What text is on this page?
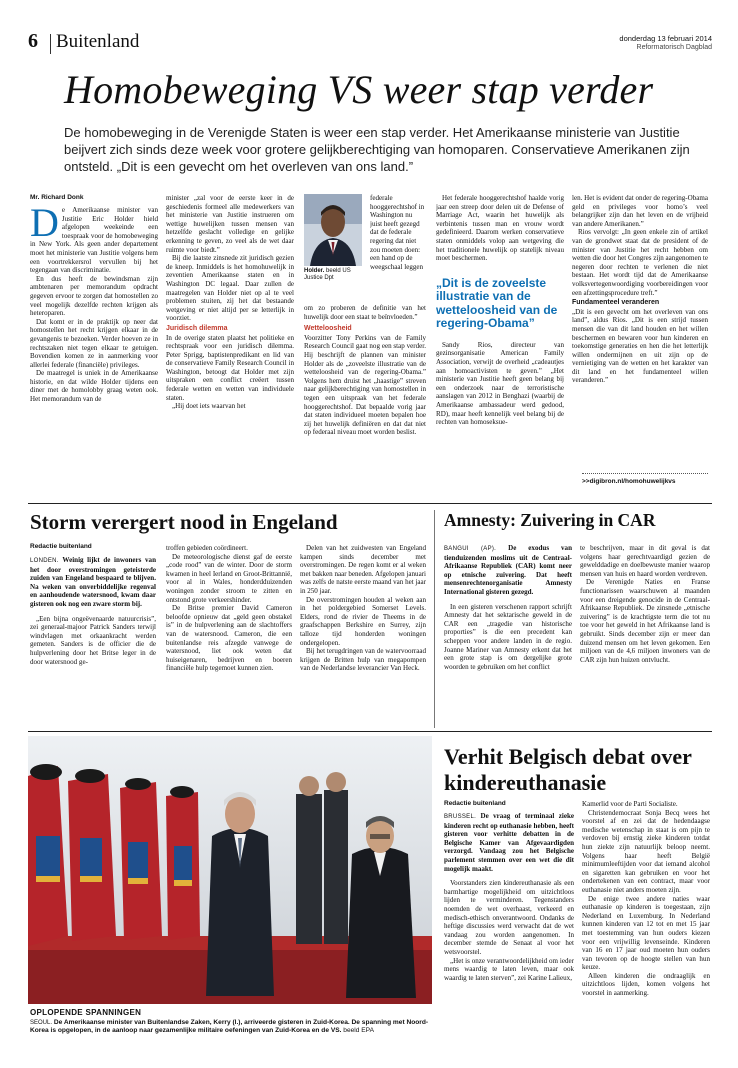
6 Buitenland	donderdag 13 februari 2014
Reformatorisch Dagblad
Homobeweging VS weer stap verder
De homobeweging in de Verenigde Staten is weer een stap verder. Het Amerikaanse ministerie van Justitie beijvert zich sinds deze week voor grotere gelijkberechtiging van homoparen. Conservatieve Amerikanen zijn ontsteld. „Dit is een gevecht om het overleven van ons land.”
Mr. Richard Donk
D e Amerikaanse minister van Justitie Eric Holder hield afgelopen weekeinde een toespraak voor de homobeweging in New York. Als geen ander departement moet het ministerie van Justitie volgens hem een voortrekkersrol vervullen bij het tegengaan van discriminatie.

En dus heeft de bewindsman zijn ambtenaren per memorandum opdracht gegeven ervoor te zorgen dat homostellen zo veel mogelijk dezelfde rechten krijgen als heteroparen.

Dat komt er in de praktijk op neer dat homostellen het recht krijgen elkaar in de gevangenis te bezoeken. Verder hoeven ze in rechtszaken niet tegen elkaar te getuigen. Bovendien komen ze in aanmerking voor allerlei federale (financiële) privileges.

De maatregel is uniek in de Amerikaanse historie, en dat wilde Holder tijdens een diner met de homolobby graag weten ook. Het memorandum van de

minister „zal voor de eerste keer in de geschiedenis formeel alle medewerkers van het ministerie van Justitie instrueren om wettige huwelijken tussen mensen van hetzelfde geslacht volledige en gelijke erkenning te geven, zo veel als de wet daar ruimte voor biedt.”

Bij die laatste zinsnede zit juridisch gezien de kneep. Inmiddels is het homohuwelijk in zeventien Amerikaanse staten en in Washington DC legaal. Daar zullen de maatregelen van Holder niet op al te veel problemen stuiten, zij het dat bestaande wetgeving er niet altijd per se letterlijk in voorziet.

Juridisch dilemma

In de overige staten plaatst het politieke en rechtspraak voor een juridisch dilemma. Peter Sprigg, baptistenpredikant en lid van de conservatieve Family Research Council in Washington, betoogt dat Holder met zijn uitspraken een conflict creëert tussen federale wetten en wetten van individuele staten.

„Hij doet iets waarvan het

Holder. beeld US Justice Dpt

federale hooggerechtshof in Washington nu juist heeft gezegd dat de federale regering dat niet zou moeten doen: een hand op de weegschaal leggen

om zo proberen de definitie van het huwelijk door een staat te beïnvloeden.”

Wetteloosheid

Voorzitter Tony Perkins van de Family Research Council gaat nog een stap verder. Hij beschrijft de plannen van minister Holder als de „zoveelste illustratie van de wetteloosheid van de regering-Obama.” Volgens hem druist het „haastige” streven naar gelijkberechtiging van homostellen in tegen een uitspraak van het federale hooggerechtshof. Dat bepaalde vorig jaar dat staten individueel moeten bepalen hoe zij het huwelijk definiëren en dat dat niet op federaal niveau moet worden beslist.

Het federale hooggerechtshof haalde vorig jaar een streep door delen uit de Defense of Marriage Act, waarin het huwelijk als verbintenis tussen man en vrouw wordt gedefinieerd. Daarom werken conservatieve staten onmiddels volop aan wetgeving die het traditionele huwelijk op statelijk niveau moet beschermen.

„Dit is de zoveelste illustratie van de wetteloosheid van de regering-Obama”

Sandy Rios, directeur van gezinsorganisatie American Family Association, verwijt de overheid „cadeautjes aan homoactivisten te geven.” „Het ministerie van Justitie heeft geen belang bij een onderzoek naar de terroristische aanslagen van 2012 in Benghazi (waarbij de Amerikaanse ambassadeur werd gedood, RD), maar heeft kennelijk veel belang bij de rechten van homoseksue-

len. Het is evident dat onder de regering-Obama geld en privileges voor homo’s veel belangrijker zijn dan het leven en de vrijheid van andere Amerikanen.”

Rios vervolgt: „In geen enkele zin of artikel van de grondwet staat dat de president of de minister van Justitie het recht hebben om wetten die door het Congres zijn aangenomen te negeren door rechten te verlenen die niet bestaan. Het wordt tijd dat de Amerikaanse volksvertegenwoordiging voorbereidingen voor een afzettingsprocedure treft.”

Fundamenteel veranderen

„Dit is een gevecht om het overleven van ons land”, aldus Rios. „Dit is een strijd tussen mensen die van dit land houden en het willen beschermen en bewaren voor hun kinderen en toekomstige generaties en hen die het letterlijk willen ondermijnen en uit zijn op de vernietiging van de wetten en het karakter van dit land en het fundamenteel willen veranderen.”

>>digibron.nl/homohuwelijkvs
Storm verergert nood in Engeland
Redactie buitenland

LONDEN. Weinig lijkt de inwoners van het door overstromingen geteisterde zuiden van Engeland bespaard te blijven. Na weken van onverbiddelijke regenval en aanhoudende watersnood, kwam daar gisteren ook nog een zware storm bij.

„Een bijna ongeëvenaarde natuurcrisis”, zei generaal-majoor Patrick Sanders terwijl windvlagen met orkaankracht werden gemeten. Sanders is de officier die de hulpverlening door het Britse leger in de door watersnood ge-

troffen gebieden coördineert.

De meteorologische dienst gaf de eerste „code rood” van de winter. Door de storm kwamen in heel Ierland en Groot-Brittannië, voor al in Wales, honderdduizenden woningen zonder stroom te zitten en ontstond grote verkeershinder.

De Britse premier David Cameron beloofde opnieuw dat „geld geen obstakel is” in de hulpverlening aan de slachtoffers van de watersnood. Cameron, die een buitenlandse reis afzegde vanwege de watersnood, liet ook weten dat huiseigenaren, bedrijven en boeren financiële hulp tegemoet kunnen zien.

Delen van het zuidwesten van Engeland kampen sinds december met overstromingen. De regen komt er al weken met bakken naar beneden. Afgelopen januari was zelfs de natste eerste maand van het jaar in 250 jaar.

De overstromingen houden al weken aan in het poldergebied Somerset Levels. Elders, rond de rivier de Theems in de graafschappen Berkshire en Surrey, zijn talloze tijd honderden woningen ondergelopen.

Bij het terugdringen van de watervoorraad krijgen de Britten hulp van megapompen van de Nederlandse leverancier Van Heck.

Amnesty: Zuivering in CAR

BANGUI (AP). De exodus van tienduizenden moslims uit de Centraal-Afrikaanse Republiek (CAR) komt neer op etnische zuivering. Dat heeft mensenrechtenorganisatie Amnesty International gisteren gezegd.

In een gisteren verschenen rapport schrijft Amnesty dat het sektarische geweld in de CAR een „tragedie van historische proporties” is die een precedent kan scheppen voor andere landen in de regio. Joanne Mariner van Amnesty erkent dat het een grote stap is om dergelijke grote woorden te gebruiken om het conflict

te beschrijven, maar in dit geval is dat volgens haar gerechtvaardigd gezien de gewelddadige en doelbewuste manier waarop mensen van huis en haard worden verdreven.

De Verenigde Naties en Franse functionarissen waarschuwen al maanden voor een dreigende genocide in de Centraal-Afrikaanse Republiek. De zinsnede „etnische zuivering” is de krachtigste term die tot nu toe voor het geweld in het Afrikaanse land is gebruikt. Sinds december zijn er meer dan duizend mensen om het leven gekomen. Een miljoen van de 4,6 miljoen inwoners van de CAR zijn hun huizen ontvlucht.

OPLOPENDE SPANNINGEN
SEOUL. De Amerikaanse minister van Buitenlandse Zaken, Kerry (l.), arriveerde gisteren in Zuid-Korea. De spanning met Noord-Korea is opgelopen, in de aanloop naar gezamenlijke militaire oefeningen van Zuid-Korea en de VS. beeld EPA
Verhit Belgisch debat over kindereuthanasie
Redactie buitenland

BRUSSEL. De vraag of terminaal zieke kinderen recht op euthanasie hebben, heeft gisteren voor verhitte debatten in de Belgische Kamer van Afgevaardigden verzorgd. Vandaag zou het Belgische parlement stemmen over een wet die dit mogelijk maakt.

Voorstanders zien kindereuthanasie als een barmhartige mogelijkheid om uitzichtloos lijden te verminderen. Tegenstanders noemden de wet overhaast, verkeerd en medisch-ethisch onverantwoord. Ondanks de heftige discussies werd verwacht dat de wet vandaag zou worden aangenomen. In december stemde de Senaat al voor het wetsvoorstel.

„Het is onze verantwoordelijkheid om ieder mens waardig te laten leven, maar ook waardig te laten sterven”, zei Karine Lalieux,

Kamerlid voor de Parti Socialiste.

Christendemocraat Sonja Becq wees het voorstel af en zei dat de hedendaagse medische wetenschap in staat is om pijn te verdoven bij ernstig zieke kinderen totdat hun ziekte zijn natuurlijk beloop neemt. Volgens haar heeft België minimumleeftijden voor dat iemand alcohol en sigaretten kan gebruiken en voor het ondertekenen van een contract, maar voor euthanasie niet anders moeten zijn.

De enige twee andere naties waar euthanasie op kinderen is toegestaan, zijn Nederland en Luxemburg. In Nederland kunnen kinderen van 12 tot en met 15 jaar met toestemming van hun ouders kiezen voor een vrijwillig levenseinde. Kinderen van 16 en 17 jaar oud moeten hun ouders van tevoren op de hoogte stellen van hun keuze.

Alleen kinderen die ondraaglijk en uitzichtloos lijden, komen volgens het voorstel in aanmerking.
